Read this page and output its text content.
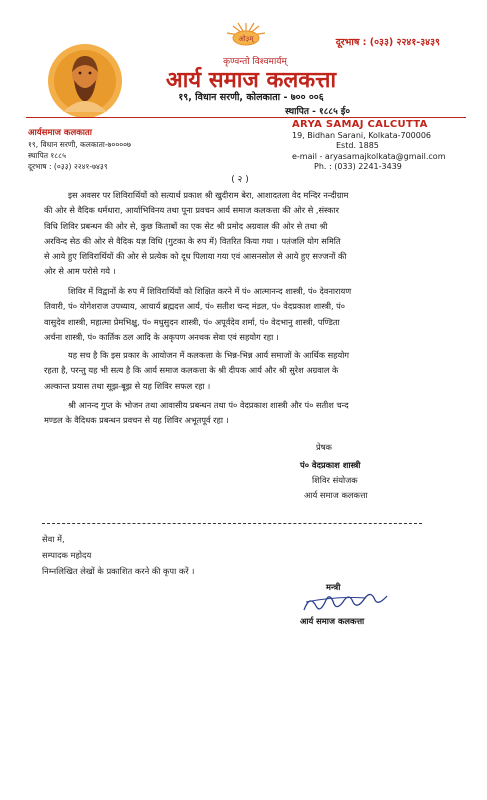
ओ३म्	दूरभाष : (०३३) २२४१-३४३९
कृण्वन्तो विश्वमार्यम्
आर्य समाज कलकत्ता
१९, विधान सरणी, कोलकाता - ७०० ००६
स्थापित - १८८५ ई०
आर्यसमाज कलकाता
१९, विधान सरणी, कलकाता-७००००७
स्थापित १८८५
दूरभाष : (०३३) २२४१-७४३९
ARYA SAMAJ CALCUTTA
19, Bidhan Sarani, Kolkata-700006
Estd. 1885
e-mail - aryasamajkolkata@gmail.com
Ph. : (033) 2241-3439
( २ )
इस अवसर पर शिविरार्थियों को सत्यार्थ प्रकाश श्री खुदीराम बेरा, आशादतला वेद मन्दिर नन्दीग्राम
की ओर से वैदिक धर्मधारा, आर्याभिविनय तथा पूना प्रवचन आर्य समाज कलकत्ता की ओर से ,संस्कार
विधि शिविर प्रबन्धन की ओर से, कुछ किताबों का एक सेट श्री प्रमोद अग्रवाल की ओर से तथा श्री
अरविन्द सेठ की ओर से वैदिक यज्ञ विधि (गुटका के रुप में) वितरित किया गया । पतंजलि योग समिति
से आये हुए शिविरार्थियों की ओर से प्रत्येक को दूध पिलाया गया एवं आसनसोल से आये हुए सज्जनों की
ओर से आम परोसे गये ।
शिविर में विद्वानों के रुप में शिविरार्थियों को शिक्षित करने में पं० आत्मानन्द शास्त्री, पं० देवनारायण
तिवारी, पं० योगेशराज उपध्याय, आचार्य ब्रह्मदत्त आर्य, पं० सतीश चन्द मंडल, पं० वेदप्रकाश शास्त्री, पं०
वासुदेव शास्त्री, महात्मा प्रेमभिक्षु, पं० मधुसुदन शास्त्री, पं० अपूर्वदेव शर्मा, पं० वेदभानु शास्त्री, पण्डिता
अर्चना शास्त्री, पं० कार्तिक ठल आदि के अकृपण अनथक सेवा एवं सहयोग रहा ।
यह सच है कि इस प्रकार के आयोजन में कलकत्ता के भिन्न-भिन्न आर्य समाजों के आर्थिक सहयोग
रहता है, परन्तु यह भी सत्य है कि आर्य समाज कलकत्ता के श्री दीपक आर्य और श्री सुरेश अग्रवाल के
अल्कान्त प्रयास तथा सूझ-बूझ से यह शिविर सफल रहा ।
श्री आनन्द गुप्त के भोजन तथा आवासीय प्रबन्धन तथा पं० वेदप्रकाश शास्त्री और पं० सतीश चन्द
मण्डल के वैदिधक प्रबन्धन प्रवचन से यह शिविर अभूतपूर्व रहा ।
प्रेषक
पं० वेदप्रकाश शास्त्री
शिविर संयोजक
आर्य समाज कलकत्ता
सेवा में,
सम्पादक महोदय
निम्नलिखित लेखों के प्रकाशित करने की कृपा करें ।
मन्त्री
आर्य समाज कलकत्ता
